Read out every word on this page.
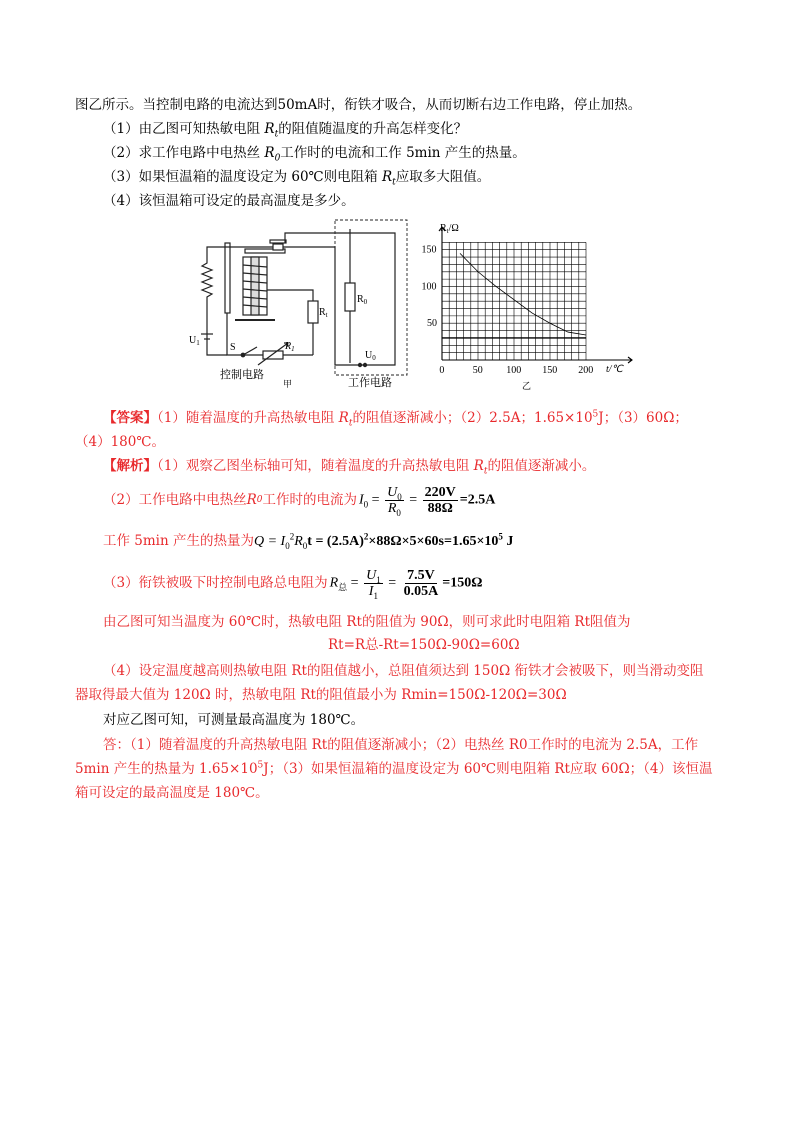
图乙所示。当控制电路的电流达到50mA时，衔铁才吸合，从而切断右边工作电路，停止加热。
（1）由乙图可知热敏电阻 $R_t$的阻值随温度的升高怎样变化？
（2）求工作电路中电热丝 $R_0$工作时的电流和工作 5min 产生的热量。
（3）如果恒温箱的温度设定为 60℃则电阻箱 $R_t$应取多大阻值。
（4）该恒温箱可设定的最高温度是多少。
$R_t$
$R_0$
$U_1$	S	$R_1$
$U_0$
控制电路
工作电路
甲
0	50 100 150 200
50
100
150
$R_t/\Omega$
t/℃
乙
【答案】（1）随着温度的升高热敏电阻 $R_t$的阻值逐渐减小；（2）2.5A；$1.65\times 10^5J$；（3）60Ω；
（4）180℃。
【解析】（1）观察乙图坐标轴可知，随着温度的升高热敏电阻 $R_t$的阻值逐渐减小。
（2）工作电路中电热丝 R 0 工作时的电流为 $I_0 = \frac{U_0}{R_0} = \frac{220V}{88\Omega} =2.5A$
工作 5min 产生的热量为$Q = I_0^2R_0t = (2.5A)^2\times 88\Omega\times 5\times 60s=1.65\times 10^5$ J
（3）衔铁被吸下时控制电路总电阻为 $R_总 = \frac{U_1}{I_1} = \frac{7.5V}{0.05A} =150\Omega$
由乙图可知当温度为 60℃时，热敏电阻 Rt的阻值为 90Ω，则可求此时电阻箱 Rt阻值为
Rt=R总-Rt=150Ω-90Ω=60Ω
（4）设定温度越高则热敏电阻 Rt的阻值越小，总阻值须达到 150Ω 衔铁才会被吸下，则当滑动变阻
器取得最大值为 120Ω 时，热敏电阻 Rt的阻值最小为 Rmin=150Ω-120Ω=30Ω
对应乙图可知，可测量最高温度为 180℃。
答：（1）随着温度的升高热敏电阻 Rt的阻值逐渐减小；（2）电热丝 R0工作时的电流为 2.5A，工作
5min 产生的热量为 $1.65\times 10^5J$；（3）如果恒温箱的温度设定为 60℃则电阻箱 Rt应取 60Ω；（4）该恒温
箱可设定的最高温度是 180℃。
